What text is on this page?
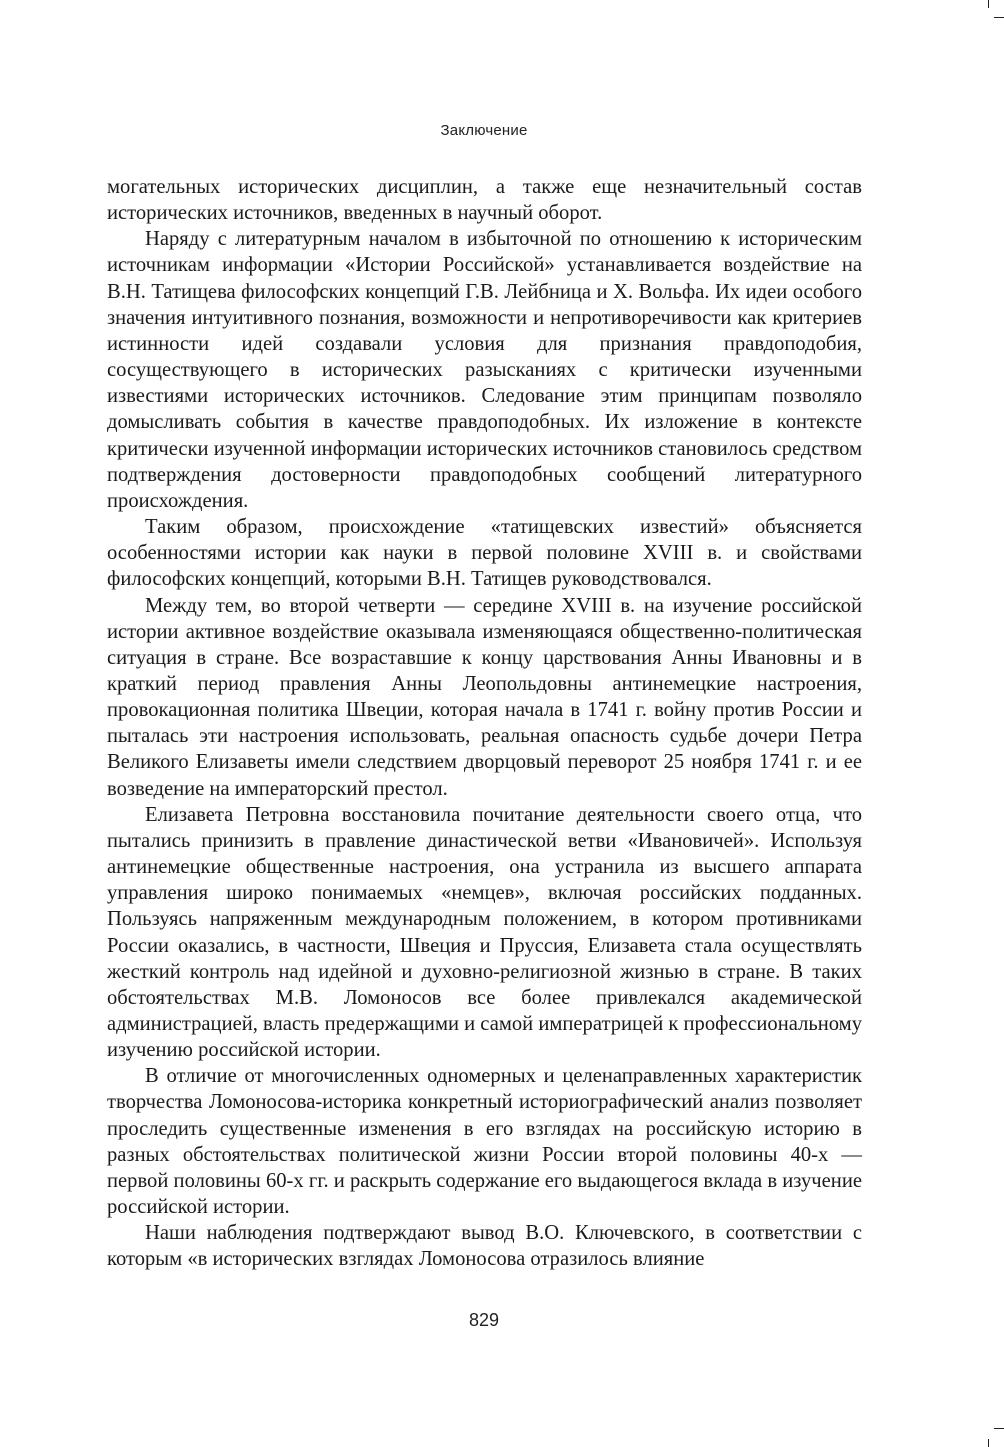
Заключение

могательных исторических дисциплин, а также еще незначительный состав исторических источников, введенных в научный оборот.

Наряду с литературным началом в избыточной по отношению к историческим источникам информации «Истории Российской» устанавливается воздействие на В.Н. Татищева философских концепций Г.В. Лейбница и Х. Вольфа. Их идеи особого значения интуитивного познания, возможности и непротиворечивости как критериев истинности идей создавали условия для признания правдоподобия, сосуществующего в исторических разысканиях с критически изученными известиями исторических источников. Следование этим принципам позволяло домысливать события в качестве правдоподобных. Их изложение в контексте критически изученной информации исторических источников становилось средством подтверждения достоверности правдоподобных сообщений литературного происхождения.

Таким образом, происхождение «татищевских известий» объясняется особенностями истории как науки в первой половине XVIII в. и свойствами философских концепций, которыми В.Н. Татищев руководствовался.

Между тем, во второй четверти — середине XVIII в. на изучение российской истории активное воздействие оказывала изменяющаяся общественно-политическая ситуация в стране. Все возраставшие к концу царствования Анны Ивановны и в краткий период правления Анны Леопольдовны антинемецкие настроения, провокационная политика Швеции, которая начала в 1741 г. войну против России и пыталась эти настроения использовать, реальная опасность судьбе дочери Петра Великого Елизаветы имели следствием дворцовый переворот 25 ноября 1741 г. и ее возведение на императорский престол.

Елизавета Петровна восстановила почитание деятельности своего отца, что пытались принизить в правление династической ветви «Ивановичей». Используя антинемецкие общественные настроения, она устранила из высшего аппарата управления широко понимаемых «немцев», включая российских подданных. Пользуясь напряженным международным положением, в котором противниками России оказались, в частности, Швеция и Пруссия, Елизавета стала осуществлять жесткий контроль над идейной и духовно-религиозной жизнью в стране. В таких обстоятельствах М.В. Ломоносов все более привлекался академической администрацией, власть предержащими и самой императрицей к профессиональному изучению российской истории.

В отличие от многочисленных одномерных и целенаправленных характеристик творчества Ломоносова-историка конкретный историографический анализ позволяет проследить существенные изменения в его взглядах на российскую историю в разных обстоятельствах политической жизни России второй половины 40-х — первой половины 60-х гг. и раскрыть содержание его выдающегося вклада в изучение российской истории.

Наши наблюдения подтверждают вывод В.О. Ключевского, в соответствии с которым «в исторических взглядах Ломоносова отразилось влияние

829
